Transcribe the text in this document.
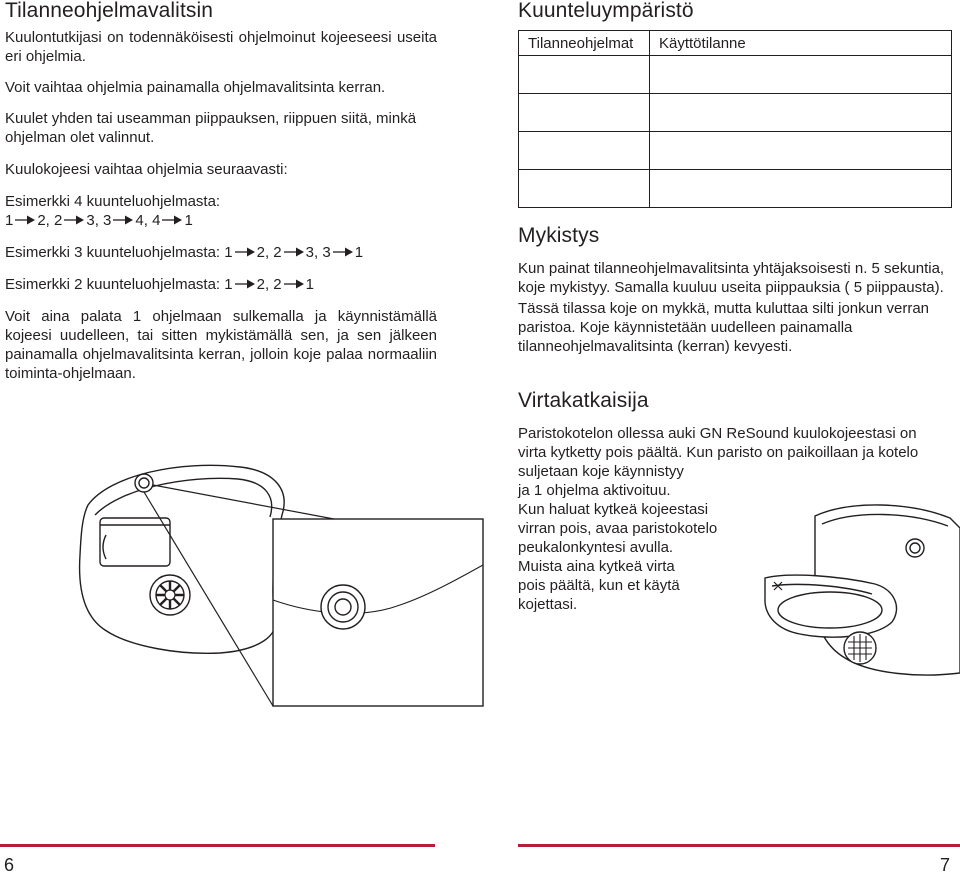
Tilanneohjelmavalitsin

Kuulontutkijasi on todennäköisesti ohjelmoinut kojeeseesi useita eri ohjelmia.

Voit vaihtaa ohjelmia painamalla ohjelmavalitsinta kerran.

Kuulet yhden tai useamman piippauksen, riippuen siitä, minkä ohjelman olet valinnut.

Kuulokojeesi vaihtaa ohjelmia seuraavasti:

Esimerkki 4 kuunteluohjelmasta:

1 2, 2 3, 3 4, 4 1

Esimerkki 3 kuunteluohjelmasta: 1 2, 2 3, 3 1

Esimerkki 2 kuunteluohjelmasta: 1 2, 2 1

Voit aina palata 1 ohjelmaan sulkemalla ja käynnistämällä kojeesi uudelleen, tai sitten mykistämällä sen, ja sen jälkeen painamalla ohjelmavalitsinta kerran, jolloin koje palaa normaaliin toiminta-ohjelmaan.

Kuunteluympäristö
Tilanneohjelmat	Käyttötilanne

Mykistys

Kun painat tilanneohjelmavalitsinta yhtäjaksoisesti n. 5 sekuntia, koje mykistyy. Samalla kuuluu useita piippauksia ( 5 piippausta).

Tässä tilassa koje on mykkä, mutta kuluttaa silti jonkun verran paristoa. Koje käynnistetään uudelleen painamalla tilanneohjelmavalitsinta (kerran) kevyesti.

Virtakatkaisija

Paristokotelon ollessa auki GN ReSound kuulokojeestasi on

virta kytketty pois päältä. Kun paristo on paikoillaan ja kotelo

suljetaan koje käynnistyy

ja 1 ohjelma aktivoituu.

Kun haluat kytkeä kojeestasi

virran pois, avaa paristokotelo

peukalonkyntesi avulla.

Muista aina kytkeä virta

pois päältä, kun et käytä

kojettasi.

6	7
